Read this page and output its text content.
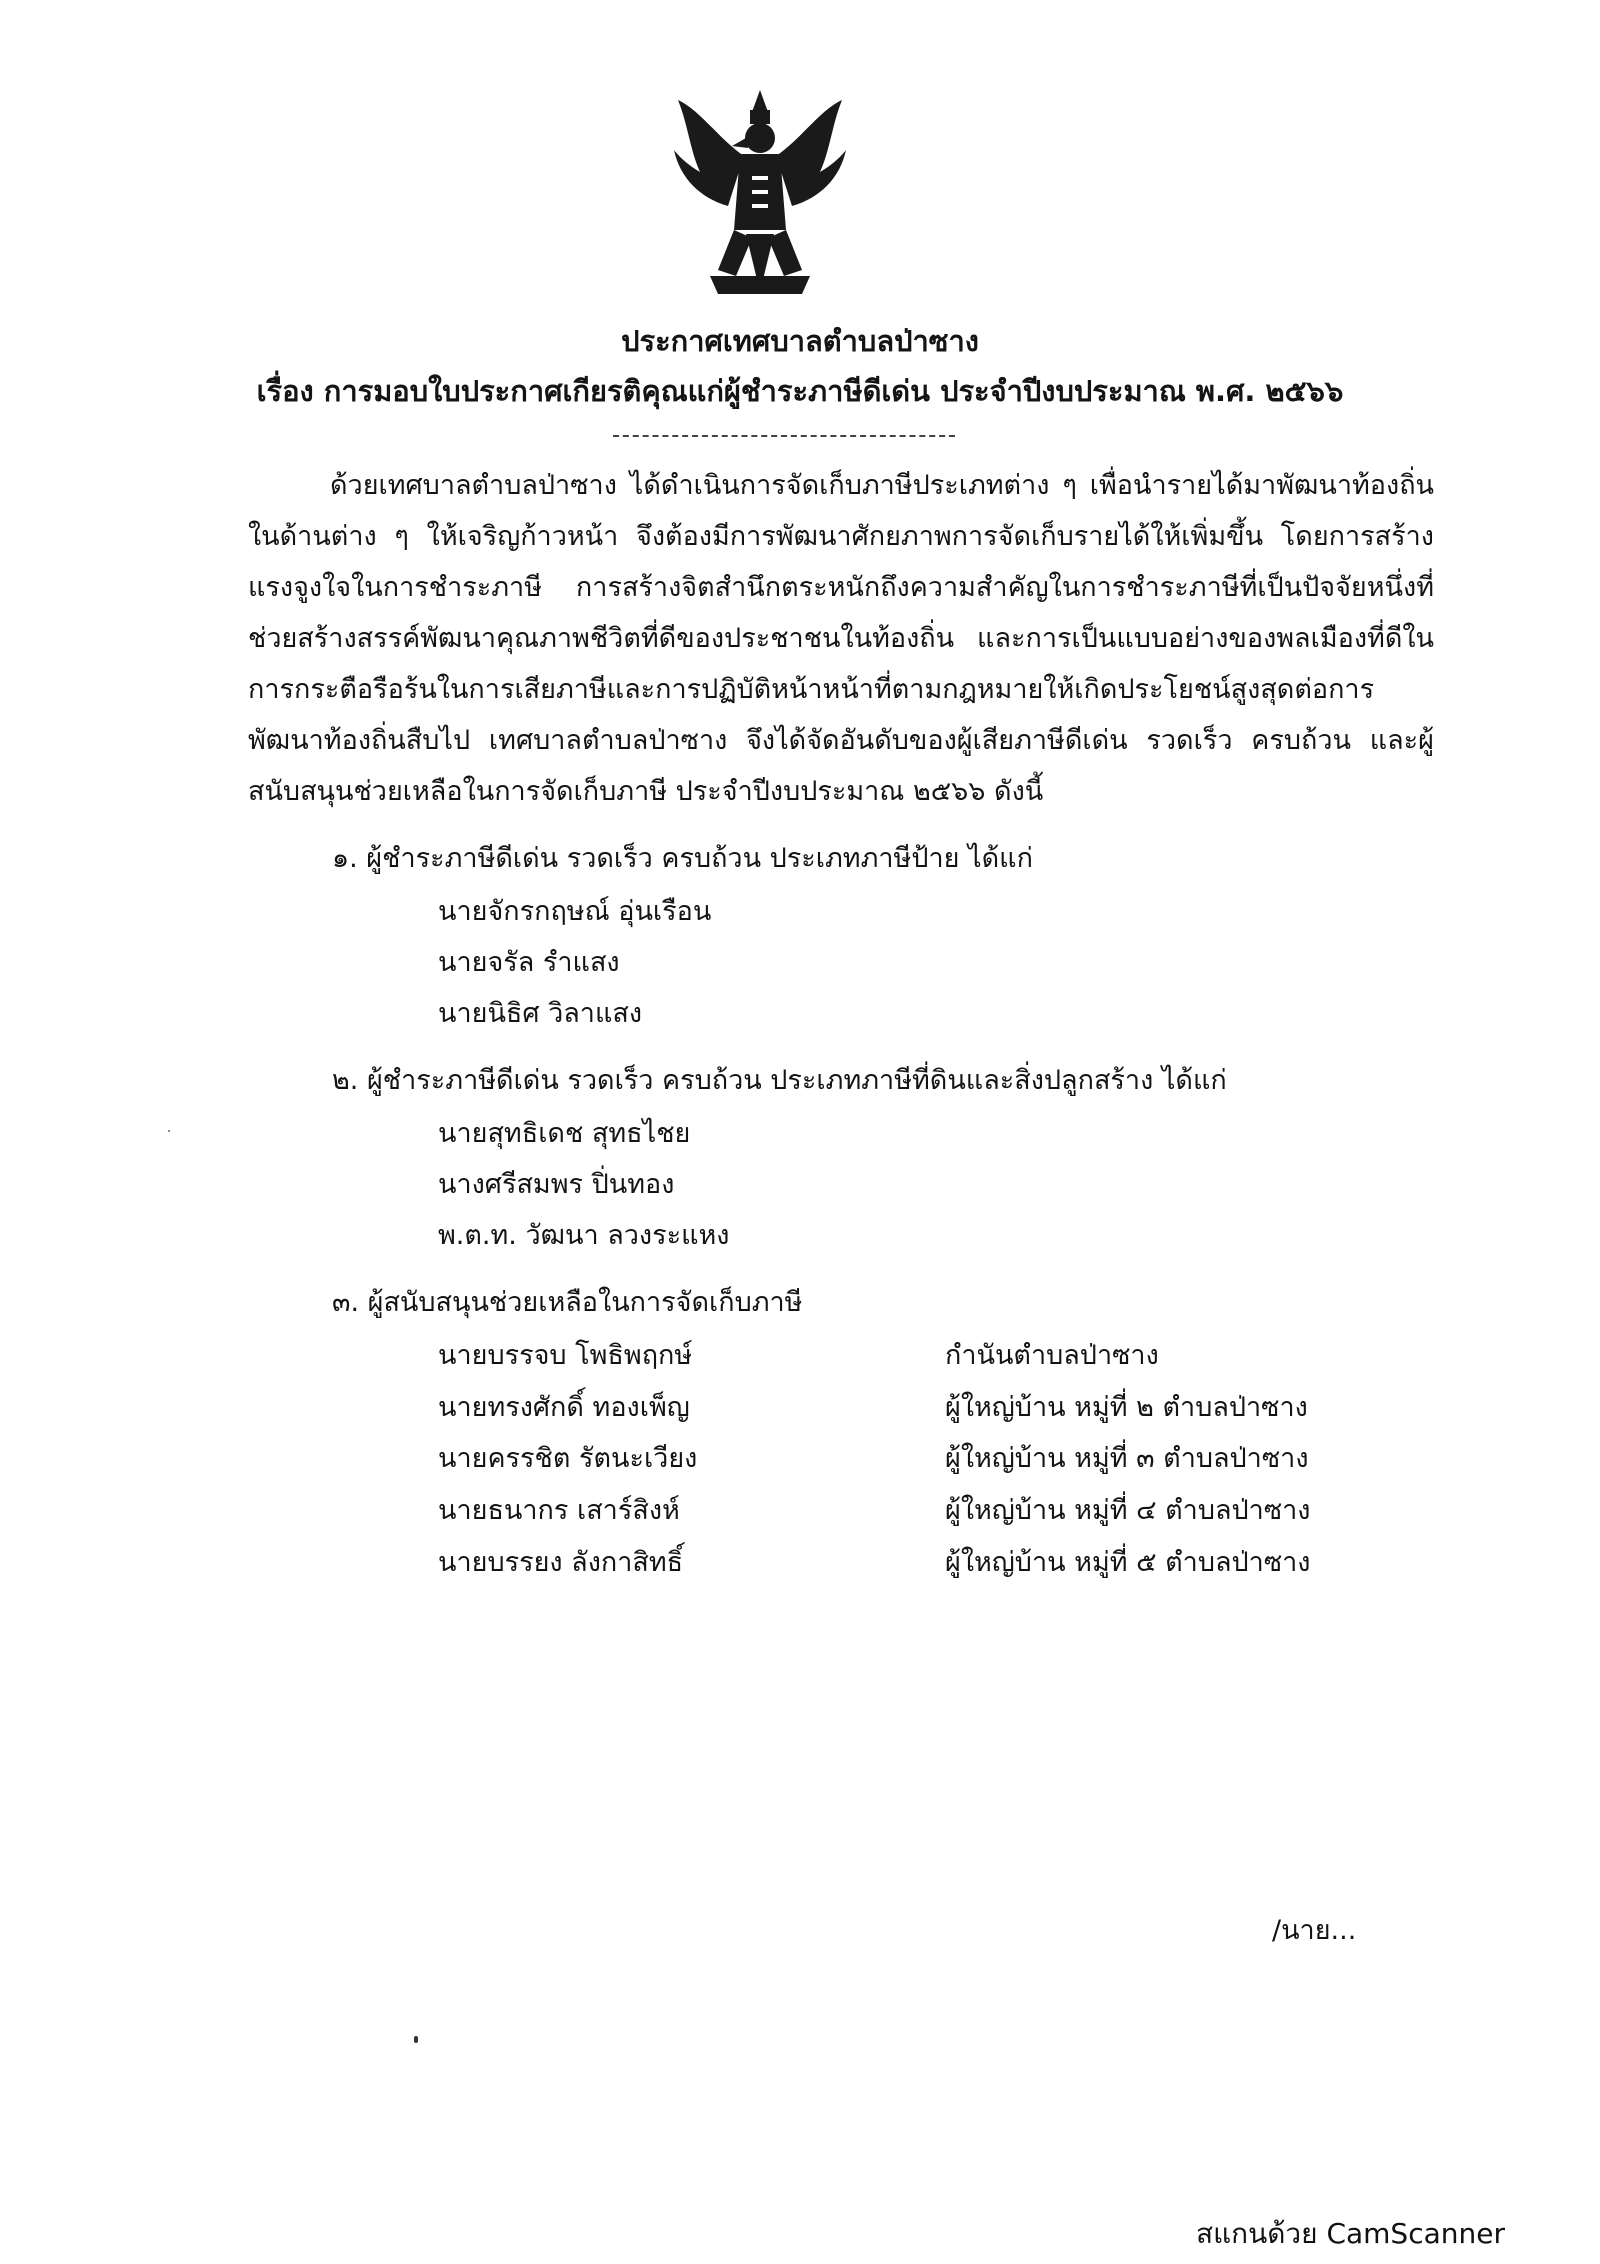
ประกาศเทศบาลตำบลป่าซาง
เรื่อง การมอบใบประกาศเกียรติคุณแก่ผู้ชำระภาษีดีเด่น ประจำปีงบประมาณ พ.ศ. ๒๕๖๖
ด้วยเทศบาลตำบลป่าซาง ได้ดำเนินการจัดเก็บภาษีประเภทต่าง ๆ เพื่อนำรายได้มาพัฒนาท้องถิ่นในด้านต่าง ๆ ให้เจริญก้าวหน้า จึงต้องมีการพัฒนาศักยภาพการจัดเก็บรายได้ให้เพิ่มขึ้น โดยการสร้างแรงจูงใจในการชำระภาษี การสร้างจิตสำนึกตระหนักถึงความสำคัญในการชำระภาษีที่เป็นปัจจัยหนึ่งที่ช่วยสร้างสรรค์พัฒนาคุณภาพชีวิตที่ดีของประชาชนในท้องถิ่น และการเป็นแบบอย่างของพลเมืองที่ดีในการกระตือรือร้นในการเสียภาษีและการปฏิบัติหน้าหน้าที่ตามกฎหมายให้เกิดประโยชน์สูงสุดต่อการพัฒนาท้องถิ่นสืบไป เทศบาลตำบลป่าซาง จึงได้จัดอันดับของผู้เสียภาษีดีเด่น รวดเร็ว ครบถ้วน และผู้สนับสนุนช่วยเหลือในการจัดเก็บภาษี ประจำปีงบประมาณ ๒๕๖๖ ดังนี้
๑. ผู้ชำระภาษีดีเด่น รวดเร็ว ครบถ้วน ประเภทภาษีป้าย ได้แก่
นายจักรกฤษณ์ อุ่นเรือน
นายจรัล รำแสง
นายนิธิศ วิลาแสง
๒. ผู้ชำระภาษีดีเด่น รวดเร็ว ครบถ้วน ประเภทภาษีที่ดินและสิ่งปลูกสร้าง ได้แก่
นายสุทธิเดช สุทธไชย
นางศรีสมพร ปิ่นทอง
พ.ต.ท. วัฒนา ลวงระแหง
๓. ผู้สนับสนุนช่วยเหลือในการจัดเก็บภาษี
นายบรรจบ โพธิพฤกษ์	กำนันตำบลป่าซาง
นายทรงศักดิ์ ทองเพ็ญ	ผู้ใหญ่บ้าน หมู่ที่ ๒ ตำบลป่าซาง
นายครรชิต รัตนะเวียง	ผู้ใหญ่บ้าน หมู่ที่ ๓ ตำบลป่าซาง
นายธนากร เสาร์สิงห์	ผู้ใหญ่บ้าน หมู่ที่ ๔ ตำบลป่าซาง
นายบรรยง ลังกาสิทธิ์	ผู้ใหญ่บ้าน หมู่ที่ ๕ ตำบลป่าซาง
/นาย...
สแกนด้วย CamScanner
